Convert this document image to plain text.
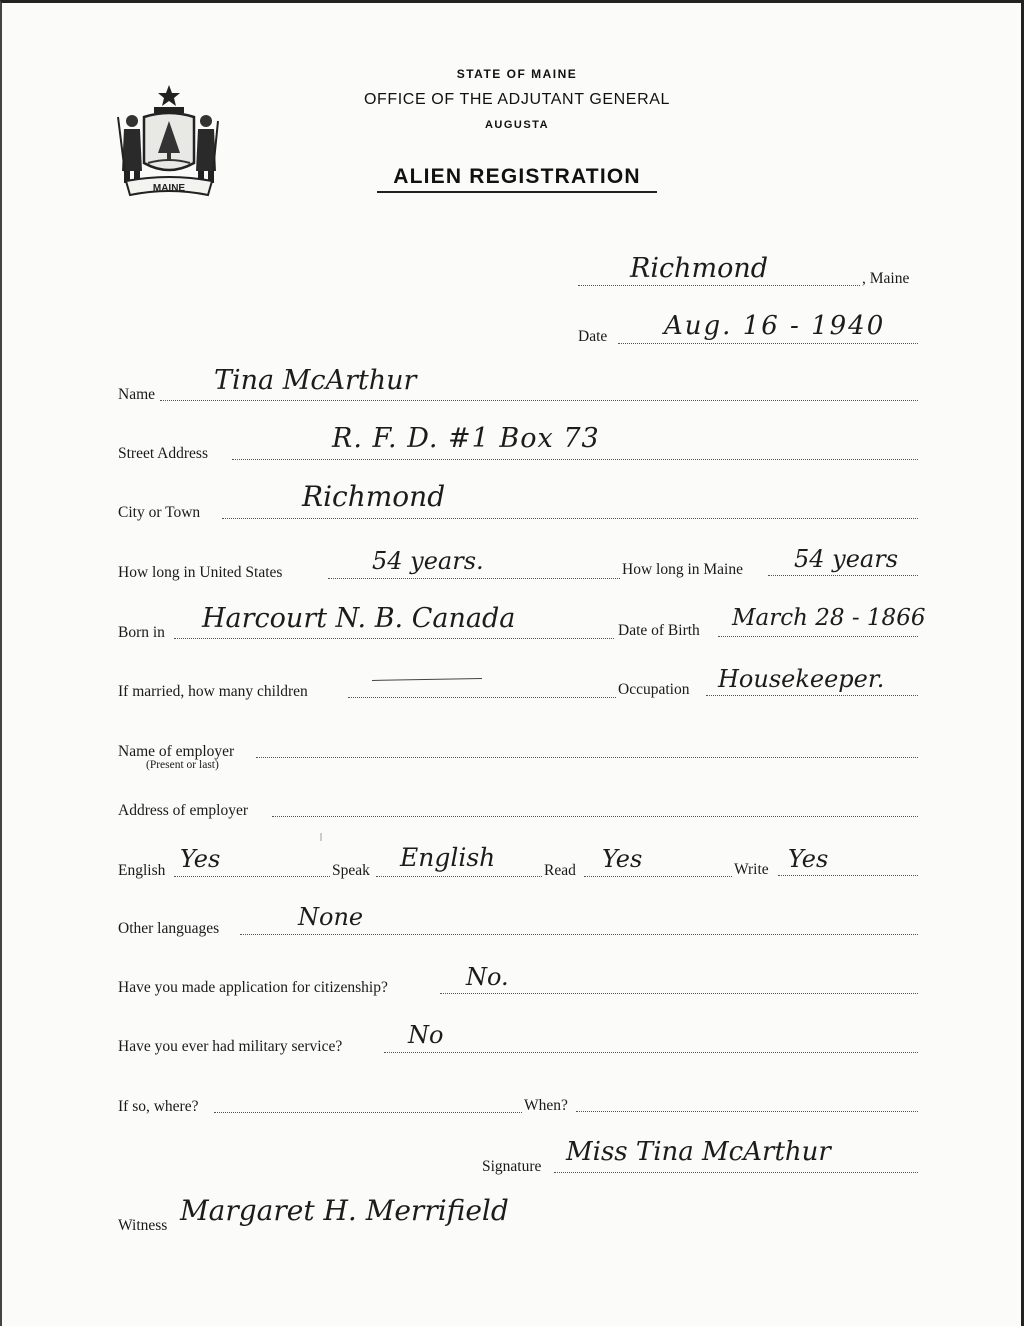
MAINE
STATE OF MAINE
OFFICE OF THE ADJUTANT GENERAL
AUGUSTA
ALIEN REGISTRATION
Richmond	, Maine
Date Aug. 16 - 1940
Name Tina McArthur
Street Address	R. F. D. #1 Box 73
City or Town	Richmond
How long in United States	54 years.	How long in Maine 54 years
Born in Harcourt N. B. Canada	Date of Birth March 28 - 1866
If married, how many children	Occupation Housekeeper.
Name of employer
(Present or last)
Address of employer
English Yes	Speak English	Read Yes	Write Yes
Other languages	None
Have you made application for citizenship?	No.
Have you ever had military service?	No
If so, where?	When?
Signature Miss Tina McArthur
Witness Margaret H. Merrifield
